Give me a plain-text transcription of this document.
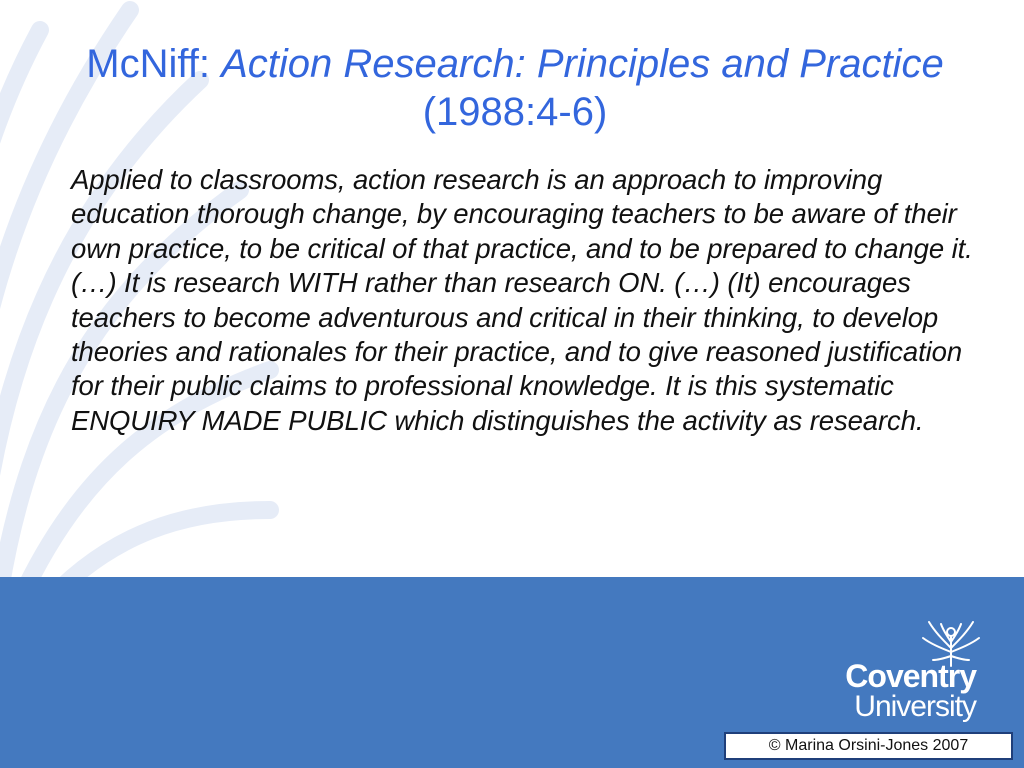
McNiff: Action Research: Principles and Practice (1988:4-6)
Applied to classrooms, action research is an approach to improving education thorough change, by encouraging teachers to be aware of their own practice, to be critical of that practice, and to be prepared to change it.(…) It is research WITH rather than research ON. (…) (It) encourages teachers to become adventurous and critical in their thinking, to develop theories and rationales for their practice, and to give reasoned justification for their public claims to professional knowledge. It is this systematic ENQUIRY MADE PUBLIC which distinguishes the activity as research.
Coventry
University
© Marina Orsini-Jones 2007
